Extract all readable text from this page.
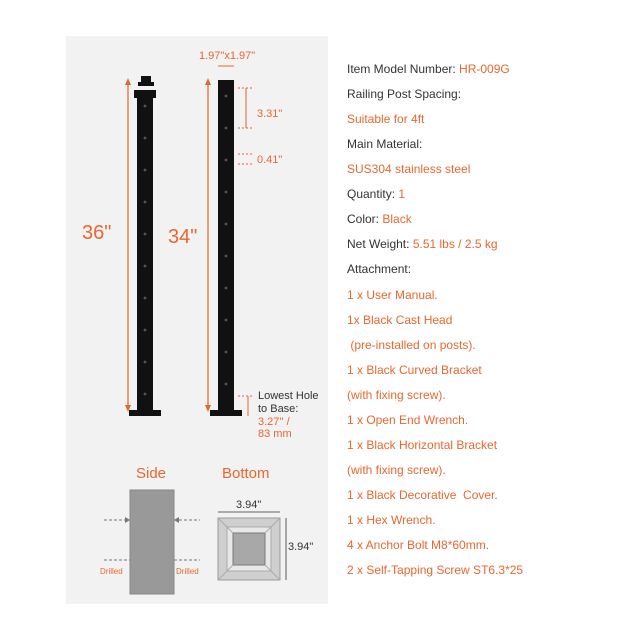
36"	34"
1.97"x1.97"
3.31"
0.41"
Lowest Hole
to Base:
3.27'' /
83 mm
Side	Bottom
Drilled	Drilled
3.94"
3.94"
Item Model Number: HR-009G
Railing Post Spacing:
Suitable for 4ft
Main Material:
SUS304 stainless steel
Quantity: 1
Color: Black
Net Weight: 5.51 lbs / 2.5 kg
Attachment:
1 x User Manual.
1x Black Cast Head
(pre-installed on posts).
1 x Black Curved Bracket
(with fixing screw).
1 x Open End Wrench.
1 x Black Horizontal Bracket
(with fixing screw).
1 x Black Decorative  Cover.
1 x Hex Wrench.
4 x Anchor Bolt M8*60mm.
2 x Self-Tapping Screw ST6.3*25
